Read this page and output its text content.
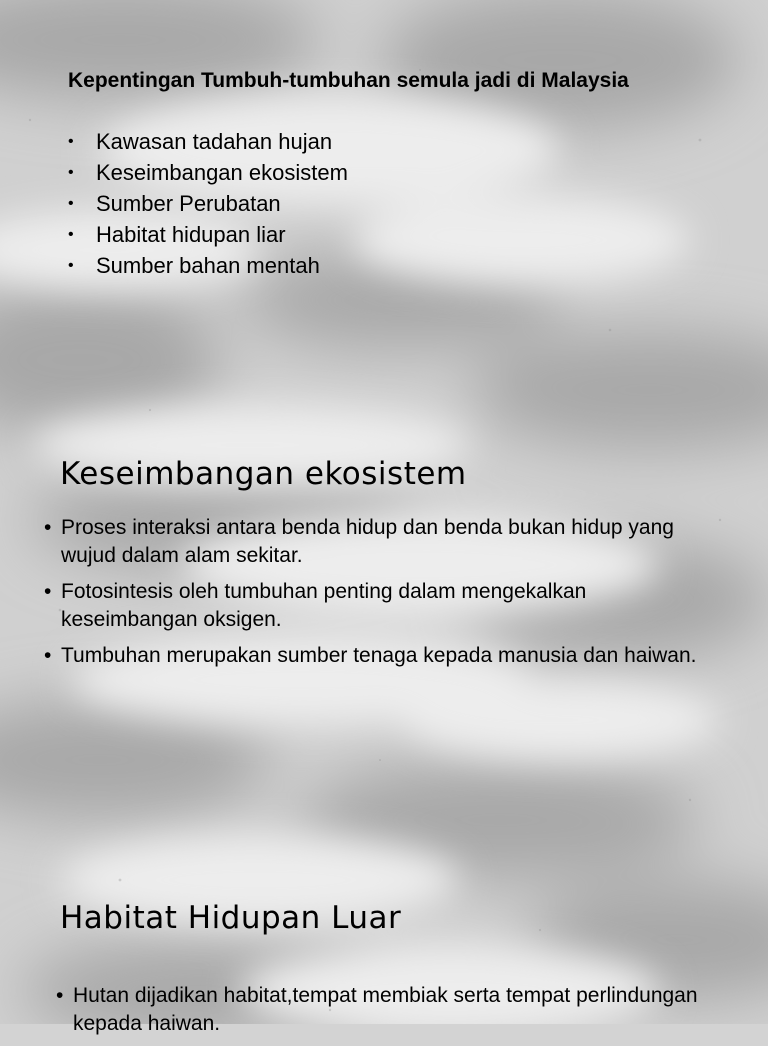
Kepentingan Tumbuh-tumbuhan semula jadi di Malaysia
• Kawasan tadahan hujan
• Keseimbangan ekosistem
• Sumber Perubatan
• Habitat hidupan liar
• Sumber bahan mentah
Keseimbangan ekosistem
• Proses interaksi antara benda hidup dan benda bukan hidup yang wujud dalam alam sekitar.
• Fotosintesis oleh tumbuhan penting dalam mengekalkan keseimbangan oksigen.
• Tumbuhan merupakan sumber tenaga kepada manusia dan haiwan.
Habitat Hidupan Luar
• Hutan dijadikan habitat,tempat membiak serta tempat perlindungan kepada haiwan.
